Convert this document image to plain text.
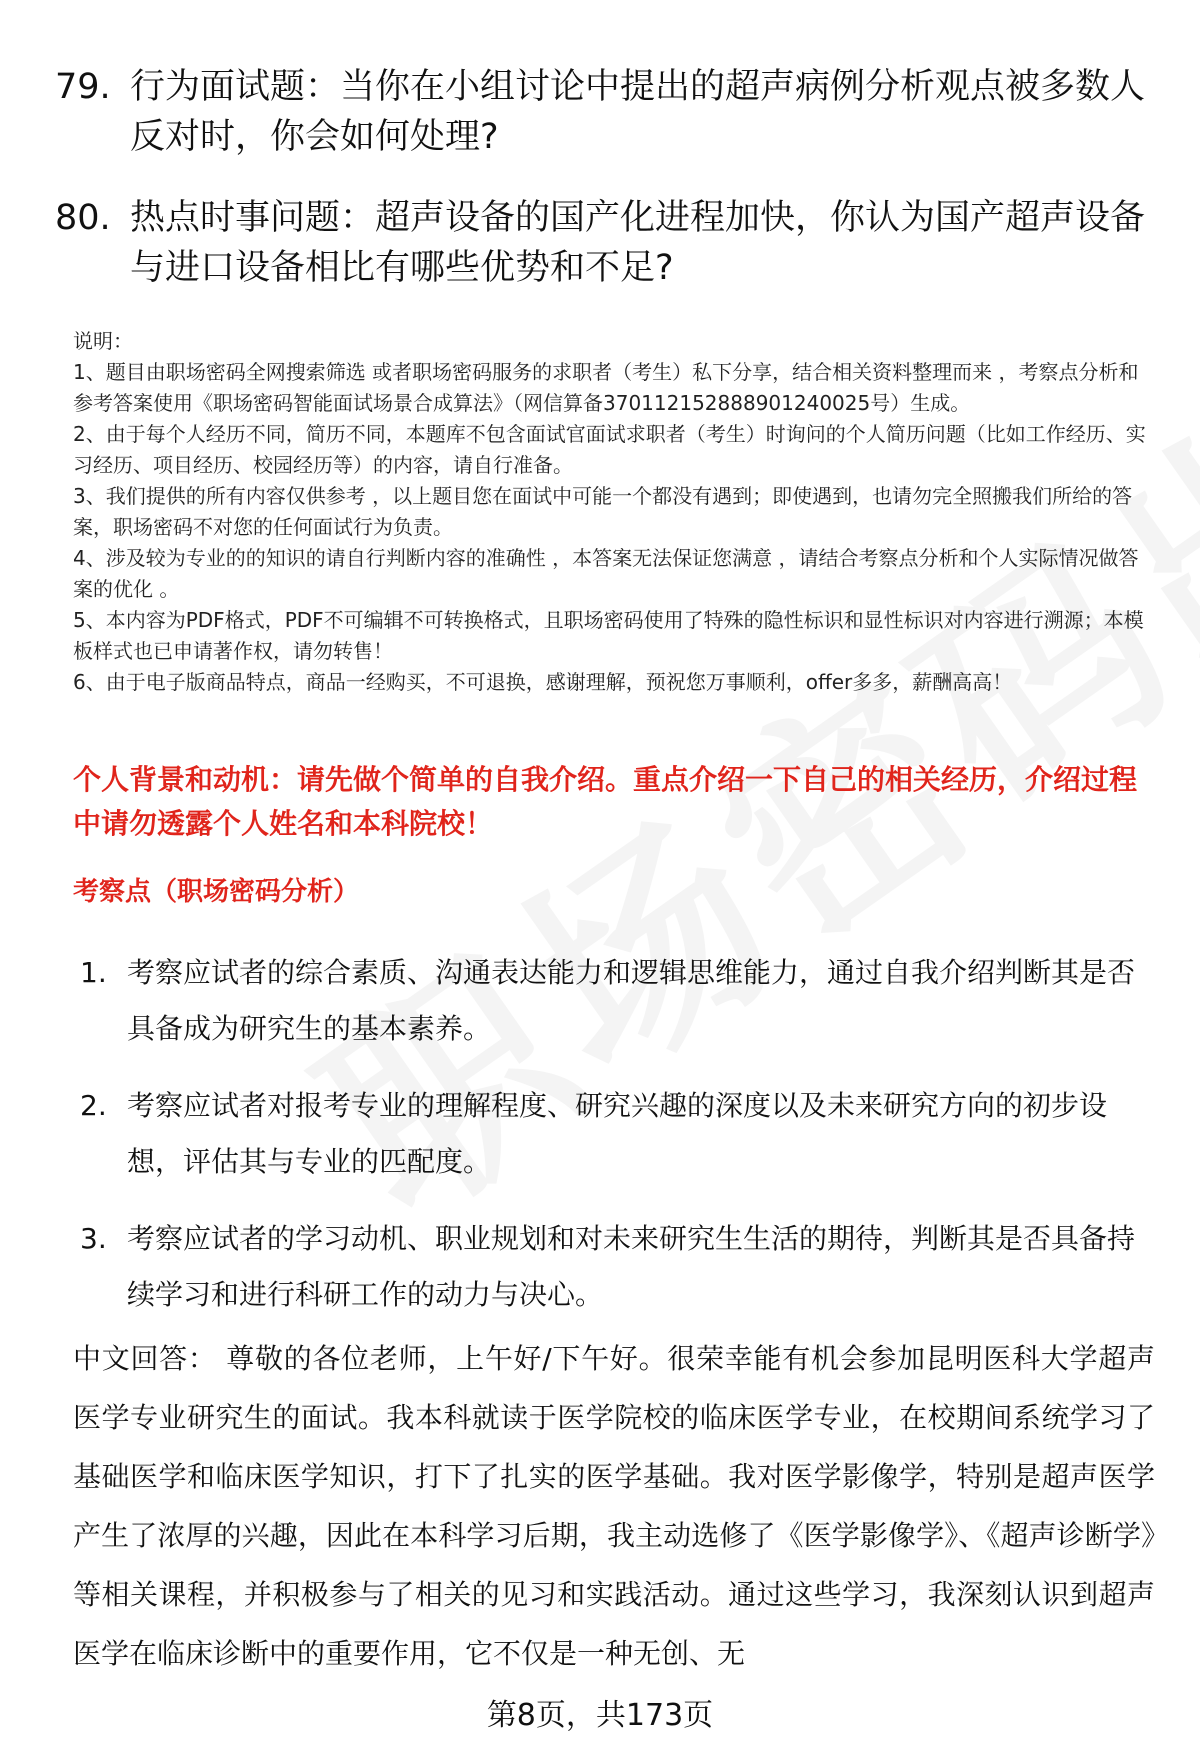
79. 行为面试题：当你在小组讨论中提出的超声病例分析观点被多数人反对时，你会如何处理?
80. 热点时事问题：超声设备的国产化进程加快，你认为国产超声设备与进口设备相比有哪些优势和不足?
说明：
1、题目由职场密码全网搜索筛选 或者职场密码服务的求职者（考生）私下分享，结合相关资料整理而来 ，考察点分析和参考答案使用《职场密码智能面试场景合成算法》（网信算备370112152888901240025号）生成。
2、由于每个人经历不同，简历不同，本题库不包含面试官面试求职者（考生）时询问的个人简历问题（比如工作经历、实习经历、项目经历、校园经历等）的内容，请自行准备。
3、我们提供的所有内容仅供参考 ，以上题目您在面试中可能一个都没有遇到；即使遇到，也请勿完全照搬我们所给的答案，职场密码不对您的任何面试行为负责。
4、涉及较为专业的的知识的请自行判断内容的准确性 ，本答案无法保证您满意 ，请结合考察点分析和个人实际情况做答案的优化 。
5、本内容为PDF格式，PDF不可编辑不可转换格式，且职场密码使用了特殊的隐性标识和显性标识对内容进行溯源；本模板样式也已申请著作权，请勿转售！
6、由于电子版商品特点，商品一经购买，不可退换，感谢理解，预祝您万事顺利，offer多多，薪酬高高！
个人背景和动机：请先做个简单的自我介绍。重点介绍一下自己的相关经历，介绍过程中请勿透露个人姓名和本科院校！
考察点（职场密码分析）
1. 考察应试者的综合素质、沟通表达能力和逻辑思维能力，通过自我介绍判断其是否具备成为研究生的基本素养。
2. 考察应试者对报考专业的理解程度、研究兴趣的深度以及未来研究方向的初步设想，评估其与专业的匹配度。
3. 考察应试者的学习动机、职业规划和对未来研究生生活的期待，判断其是否具备持续学习和进行科研工作的动力与决心。
中文回答： 尊敬的各位老师，上午好/下午好。很荣幸能有机会参加昆明医科大学超声医学专业研究生的面试。我本科就读于医学院校的临床医学专业，在校期间系统学习了基础医学和临床医学知识，打下了扎实的医学基础。我对医学影像学，特别是超声医学产生了浓厚的兴趣，因此在本科学习后期，我主动选修了《医学影像学》、《超声诊断学》等相关课程，并积极参与了相关的见习和实践活动。通过这些学习，我深刻认识到超声医学在临床诊断中的重要作用，它不仅是一种无创、无
第8页，共173页
